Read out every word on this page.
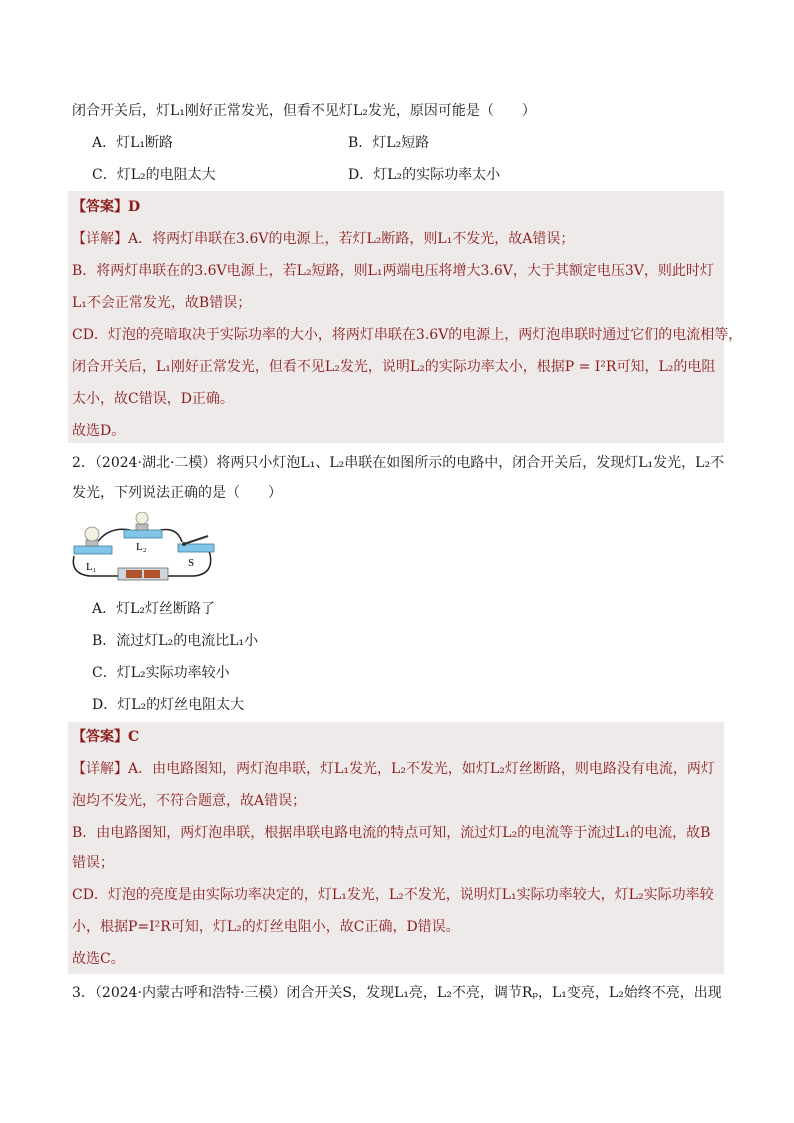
闭合开关后，灯L₁刚好正常发光，但看不见灯L₂发光，原因可能是（　　）
A．灯L₁断路	B．灯L₂短路
C．灯L₂的电阻太大	D．灯L₂的实际功率太小
【答案】D
【详解】A．将两灯串联在3.6V的电源上，若灯L₂断路，则L₁不发光，故A错误；
B．将两灯串联在的3.6V电源上，若L₂短路，则L₁两端电压将增大3.6V，大于其额定电压3V，则此时灯
L₁不会正常发光，故B错误；
CD．灯泡的亮暗取决于实际功率的大小，将两灯串联在3.6V的电源上，两灯泡串联时通过它们的电流相等，
闭合开关后，L₁刚好正常发光，但看不见L₂发光，说明L₂的实际功率太小，根据P = I²R可知，L₂的电阻
太小，故C错误，D正确。
故选D。
2．（2024·湖北·二模）将两只小灯泡L₁、L₂串联在如图所示的电路中，闭合开关后，发现灯L₁发光，L₂不
发光，下列说法正确的是（　　）
L₁
L₂
S
A．灯L₂灯丝断路了
B．流过灯L₂的电流比L₁小
C．灯L₂实际功率较小
D．灯L₂的灯丝电阻太大
【答案】C
【详解】A．由电路图知，两灯泡串联，灯L₁发光，L₂不发光，如灯L₂灯丝断路，则电路没有电流，两灯
泡均不发光，不符合题意，故A错误；
B．由电路图知，两灯泡串联，根据串联电路电流的特点可知，流过灯L₂的电流等于流过L₁的电流，故B
错误；
CD．灯泡的亮度是由实际功率决定的，灯L₁发光，L₂不发光，说明灯L₁实际功率较大，灯L₂实际功率较
小，根据P=I²R可知，灯L₂的灯丝电阻小，故C正确，D错误。
故选C。
3．（2024·内蒙古呼和浩特·三模）闭合开关S，发现L₁亮，L₂不亮，调节Rₚ，L₁变亮，L₂始终不亮，出现
